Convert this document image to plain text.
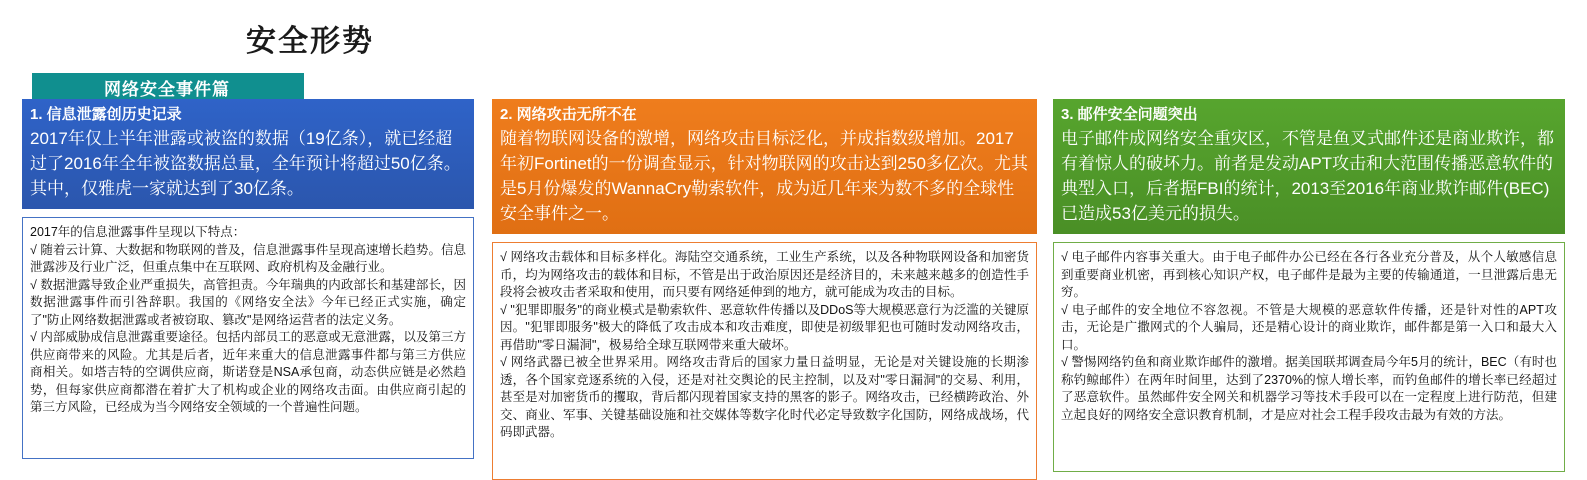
安全形势
网络安全事件篇
1. 信息泄露创历史记录
2017年仅上半年泄露或被盗的数据（19亿条），就已经超过了2016年全年被盗数据总量，全年预计将超过50亿条。其中，仅雅虎一家就达到了30亿条。

2017年的信息泄露事件呈现以下特点：
√ 随着云计算、大数据和物联网的普及，信息泄露事件呈现高速增长趋势。信息泄露涉及行业广泛，但重点集中在互联网、政府机构及金融行业。
√ 数据泄露导致企业严重损失，高管担责。今年瑞典的内政部长和基建部长，因数据泄露事件而引咎辞职。我国的《网络安全法》今年已经正式实施，确定了"防止网络数据泄露或者被窃取、篡改"是网络运营者的法定义务。
√ 内部威胁成信息泄露重要途径。包括内部员工的恶意或无意泄露，以及第三方供应商带来的风险。尤其是后者，近年来重大的信息泄露事件都与第三方供应商相关。如塔吉特的空调供应商，斯诺登是NSA承包商，动态供应链是必然趋势，但每家供应商都潜在着扩大了机构或企业的网络攻击面。由供应商引起的第三方风险，已经成为当今网络安全领域的一个普遍性问题。

2. 网络攻击无所不在
随着物联网设备的激增，网络攻击目标泛化，并成指数级增加。2017年初Fortinet的一份调查显示，针对物联网的攻击达到250多亿次。尤其是5月份爆发的WannaCry勒索软件，成为近几年来为数不多的全球性安全事件之一。

√ 网络攻击载体和目标多样化。海陆空交通系统，工业生产系统，以及各种物联网设备和加密货币，均为网络攻击的载体和目标，不管是出于政治原因还是经济目的，未来越来越多的创造性手段将会被攻击者采取和使用，而只要有网络延伸到的地方，就可能成为攻击的目标。
√ "犯罪即服务"的商业模式是勒索软件、恶意软件传播以及DDoS等大规模恶意行为泛滥的关键原因。"犯罪即服务"极大的降低了攻击成本和攻击难度，即使是初级罪犯也可随时发动网络攻击，再借助"零日漏洞"，极易给全球互联网带来重大破坏。
√ 网络武器已被全世界采用。网络攻击背后的国家力量日益明显，无论是对关键设施的长期渗透，各个国家竞逐系统的入侵，还是对社交舆论的民主控制，以及对"零日漏洞"的交易、利用，甚至是对加密货币的攫取，背后都闪现着国家支持的黑客的影子。网络攻击，已经横跨政治、外交、商业、军事、关键基础设施和社交媒体等数字化时代必定导致数字化国防，网络成战场，代码即武器。

3. 邮件安全问题突出
电子邮件成网络安全重灾区，不管是鱼叉式邮件还是商业欺诈，都有着惊人的破坏力。前者是发动APT攻击和大范围传播恶意软件的典型入口，后者据FBI的统计，2013至2016年商业欺诈邮件(BEC)已造成53亿美元的损失。

√ 电子邮件内容事关重大。由于电子邮件办公已经在各行各业充分普及，从个人敏感信息到重要商业机密，再到核心知识产权，电子邮件是最为主要的传输通道，一旦泄露后患无穷。
√ 电子邮件的安全地位不容忽视。不管是大规模的恶意软件传播，还是针对性的APT攻击，无论是广撒网式的个人骗局，还是精心设计的商业欺诈，邮件都是第一入口和最大入口。
√ 警惕网络钓鱼和商业欺诈邮件的激增。据美国联邦调查局今年5月的统计，BEC（有时也称钓鲸邮件）在两年时间里，达到了2370%的惊人增长率，而钓鱼邮件的增长率已经超过了恶意软件。虽然邮件安全网关和机器学习等技术手段可以在一定程度上进行防范，但建立起良好的网络安全意识教育机制，才是应对社会工程手段攻击最为有效的方法。
